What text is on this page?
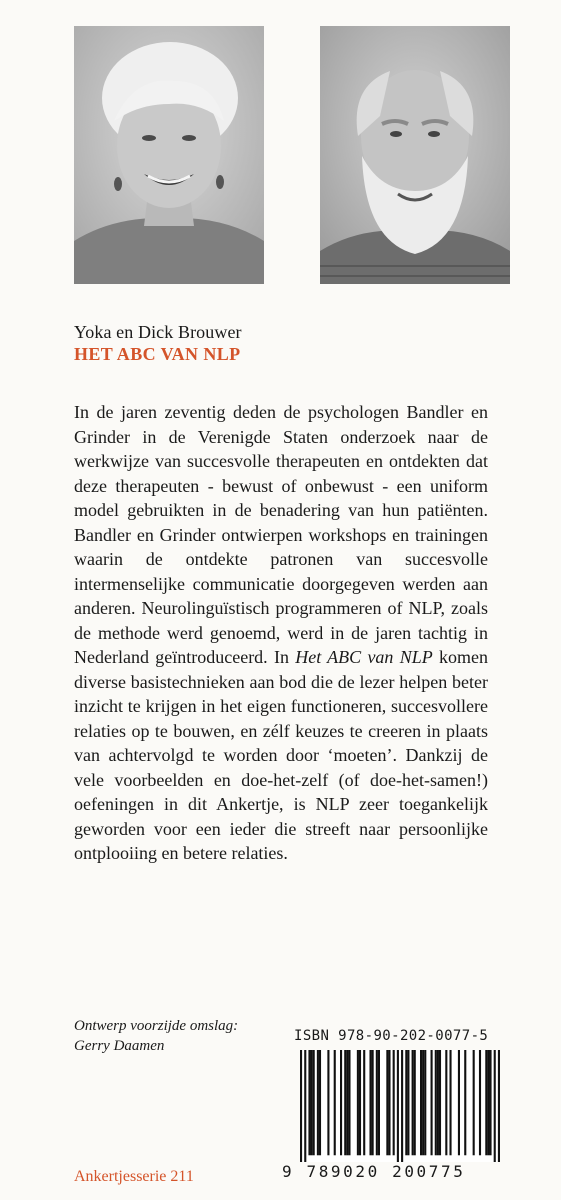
Yoka en Dick Brouwer
HET ABC VAN NLP

In de jaren zeventig deden de psychologen Bandler en Grinder in de Verenigde Staten onderzoek naar de werkwijze van succesvolle therapeuten en ontdekten dat deze therapeuten - bewust of onbewust - een uniform model gebruikten in de benadering van hun patiënten. Bandler en Grinder ontwierpen workshops en trainingen waarin de ontdekte patronen van succesvolle intermenselijke communicatie doorgegeven werden aan anderen. Neurolinguïstisch programmeren of NLP, zoals de methode werd genoemd, werd in de jaren tachtig in Nederland geïntroduceerd. In Het ABC van NLP komen diverse basistechnieken aan bod die de lezer helpen beter inzicht te krijgen in het eigen functioneren, succesvollere relaties op te bouwen, en zélf keuzes te creeren in plaats van achtervolgd te worden door ‘moeten’. Dankzij de vele voorbeelden en doe-het-zelf (of doe-het-samen!) oefeningen in dit Ankertje, is NLP zeer toegankelijk geworden voor een ieder die streeft naar persoonlijke ontplooiing en betere relaties.

Ontwerp voorzijde omslag:
Gerry Daamen
ISBN 978-90-202-0077-5
9 789020 200775
Ankertjesserie 211
